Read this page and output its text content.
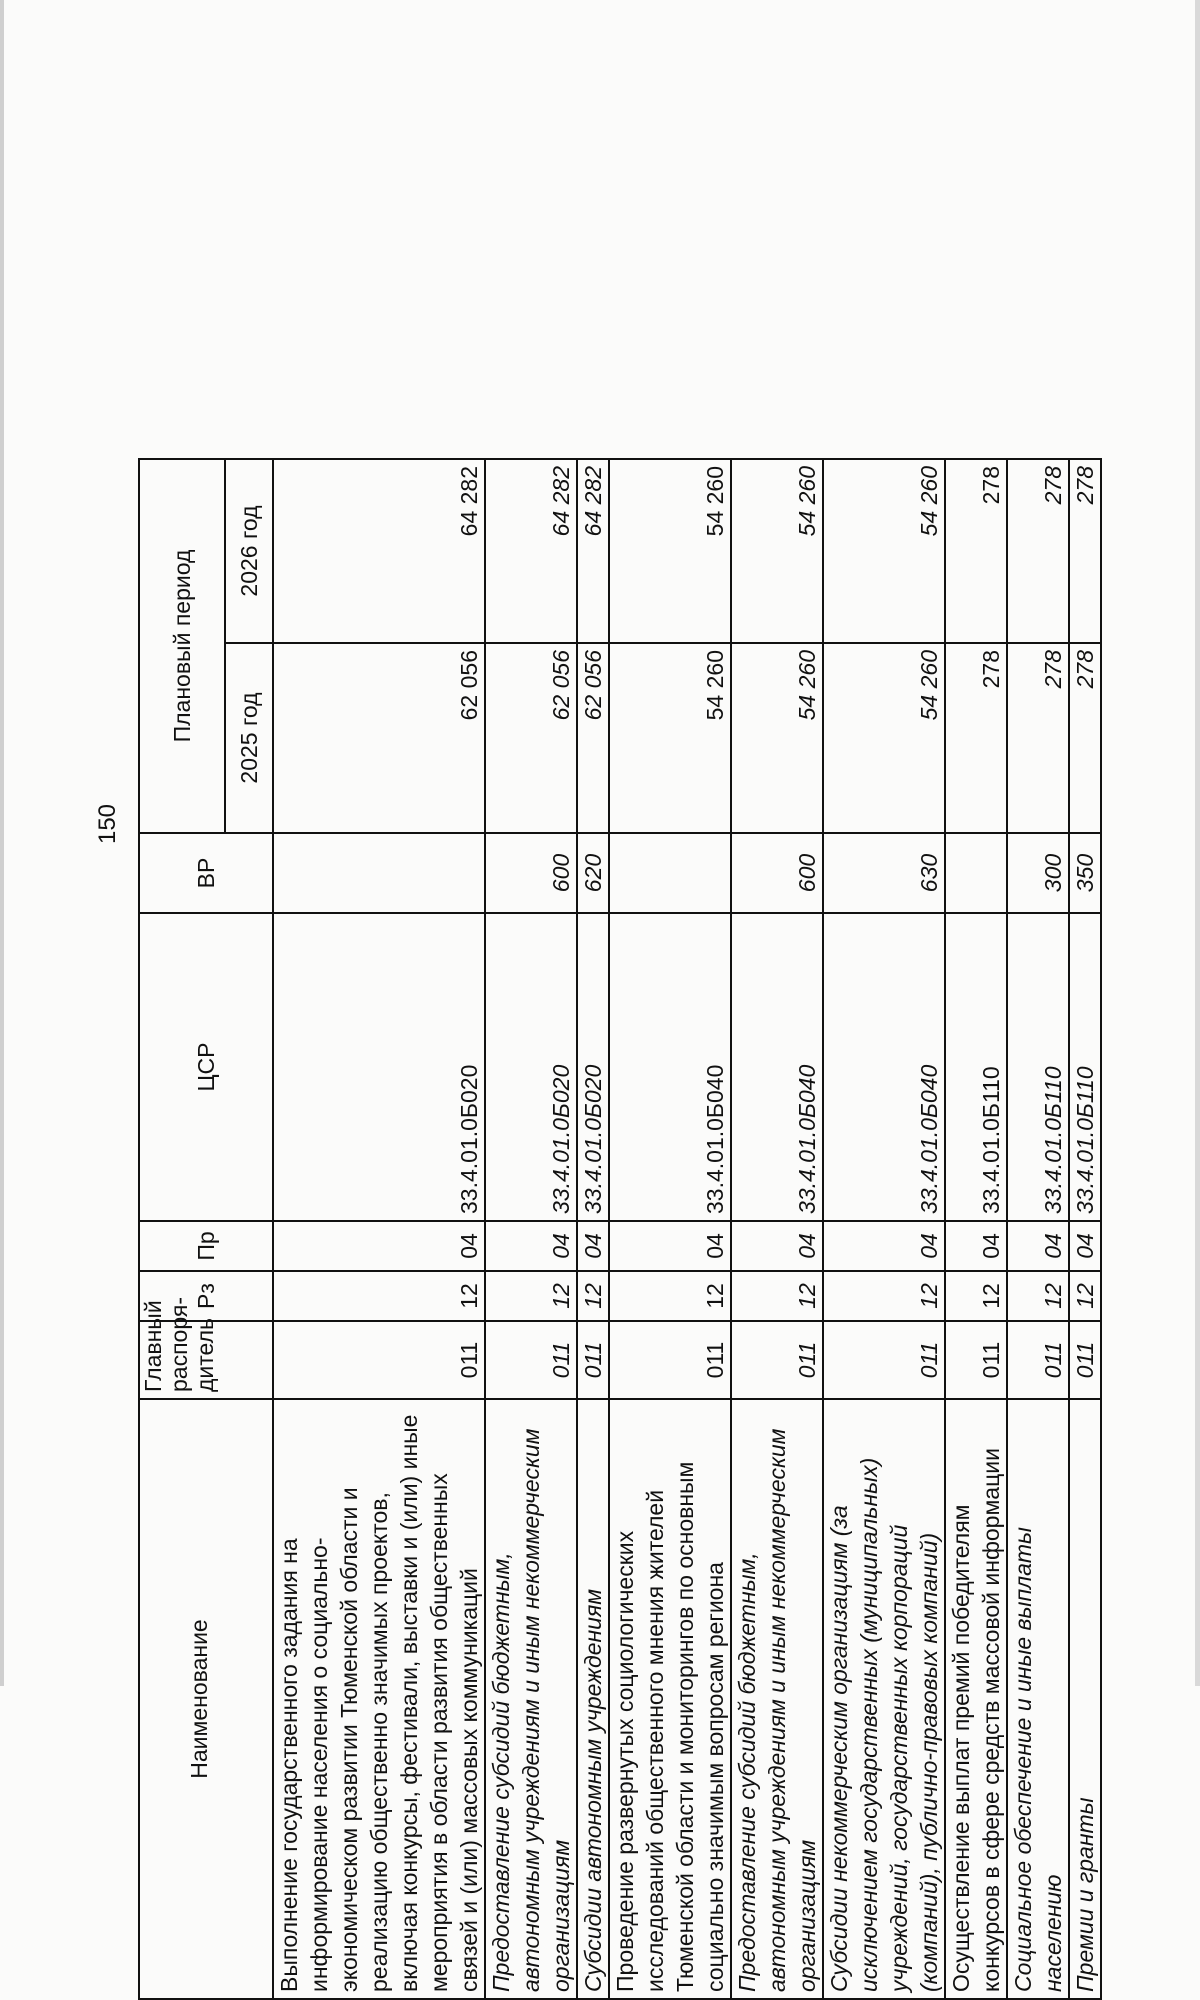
150
Наименование	Главный распоря- дитель	Рз	Пр	ЦСР	ВР	Плановый период	
						2025 год	2026 год
Выполнение государственного задания на информирование населения о социально-экономическом развитии Тюменской области и реализацию общественно значимых проектов, включая конкурсы, фестивали, выставки и (или) иные мероприятия в области развития общественных связей и (или) массовых коммуникаций	011	12	04	33.4.01.0Б020		62 056	64 282
Предоставление субсидий бюджетным, автономным учреждениям и иным некоммерческим организациям	011	12	04	33.4.01.0Б020	600	62 056	64 282
Субсидии автономным учреждениям	011	12	04	33.4.01.0Б020	620	62 056	64 282
Проведение развернутых социологических исследований общественного мнения жителей Тюменской области и мониторингов по основным социально значимым вопросам региона	011	12	04	33.4.01.0Б040		54 260	54 260
Предоставление субсидий бюджетным, автономным учреждениям и иным некоммерческим организациям	011	12	04	33.4.01.0Б040	600	54 260	54 260
Субсидии некоммерческим организациям (за исключением государственных (муниципальных) учреждений, государственных корпораций (компаний), публично-правовых компаний)	011	12	04	33.4.01.0Б040	630	54 260	54 260
Осуществление выплат премий победителям конкурсов в сфере средств массовой информации	011	12	04	33.4.01.0Б110		278	278
Социальное обеспечение и иные выплаты населению	011	12	04	33.4.01.0Б110	300	278	278
Премии и гранты	011	12	04	33.4.01.0Б110	350	278	278
